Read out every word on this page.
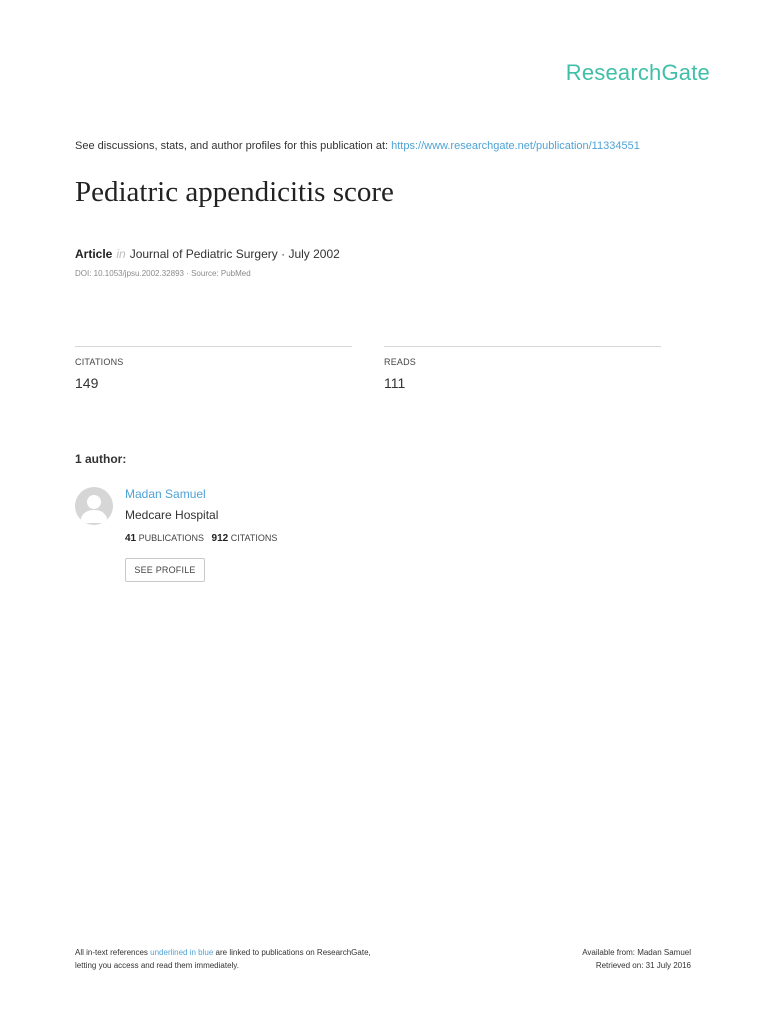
ResearchGate
See discussions, stats, and author profiles for this publication at: https://www.researchgate.net/publication/11334551
Pediatric appendicitis score
Article in Journal of Pediatric Surgery · July 2002
DOI: 10.1053/jpsu.2002.32893 · Source: PubMed
CITATIONS
149
READS
111
1 author:
Madan Samuel
Medcare Hospital
41 PUBLICATIONS 912 CITATIONS
SEE PROFILE
All in-text references underlined in blue are linked to publications on ResearchGate,
letting you access and read them immediately.
Available from: Madan Samuel
Retrieved on: 31 July 2016
